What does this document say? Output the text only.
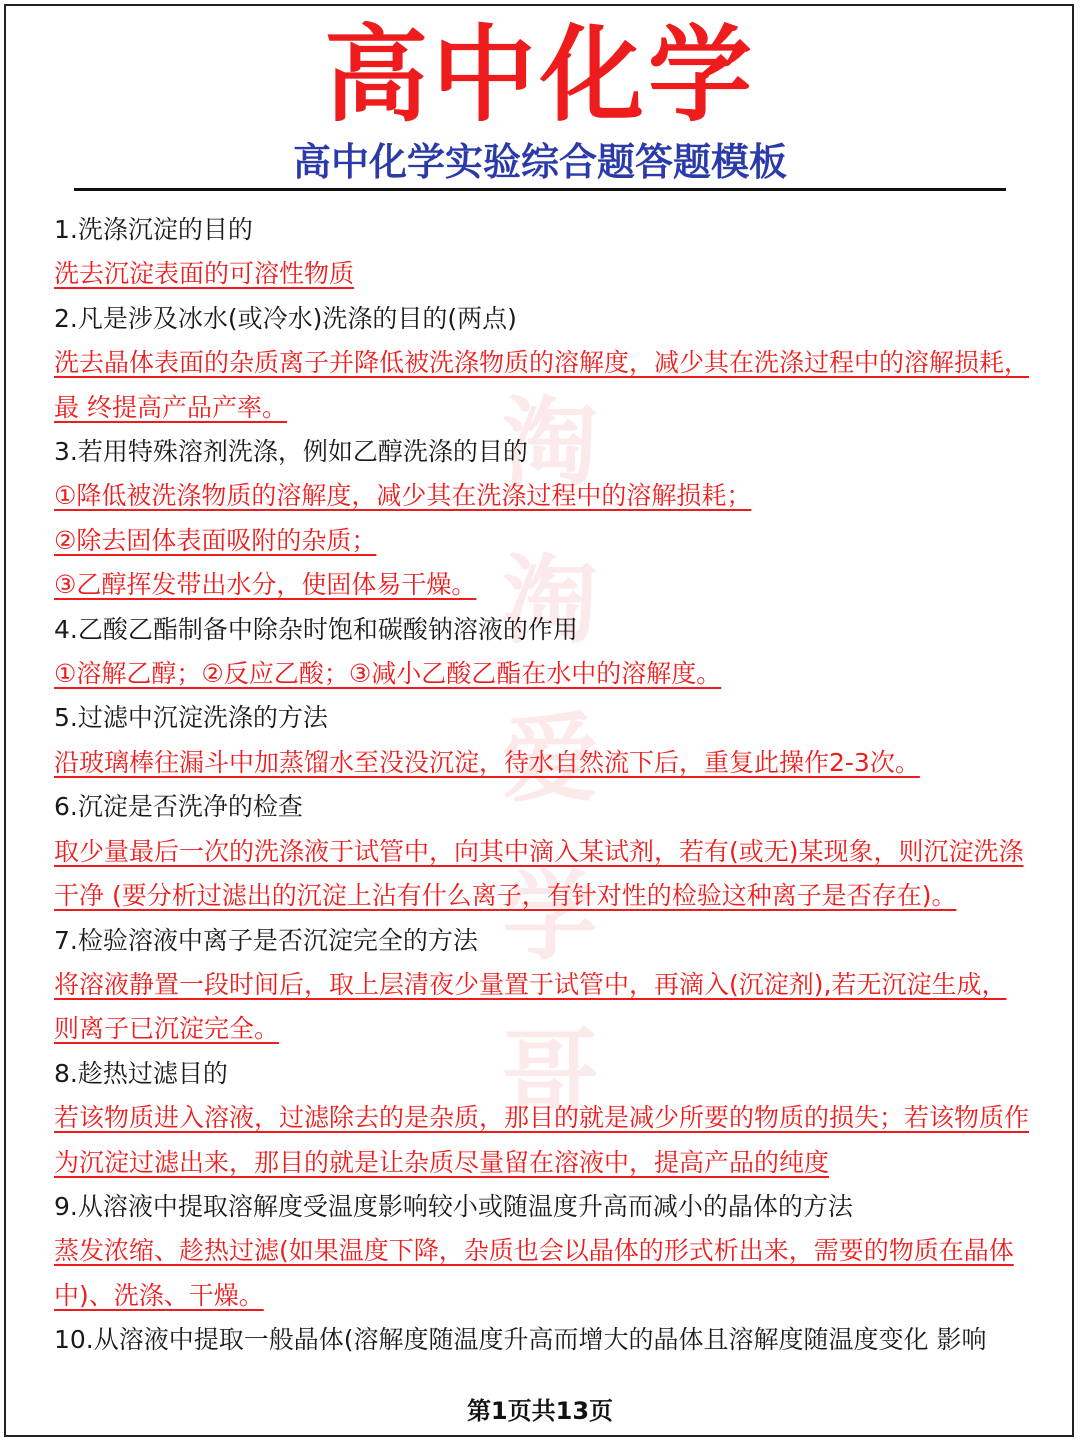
高中化学
高中化学实验综合题答题模板
1.洗涤沉淀的目的
洗去沉淀表面的可溶性物质
2.凡是涉及冰水(或冷水)洗涤的目的(两点)
洗去晶体表面的杂质离子并降低被洗涤物质的溶解度，减少其在洗涤过程中的溶解损耗，最 终提高产品产率。
3.若用特殊溶剂洗涤，例如乙醇洗涤的目的
①降低被洗涤物质的溶解度，减少其在洗涤过程中的溶解损耗；
②除去固体表面吸附的杂质；
③乙醇挥发带出水分，使固体易干燥。
4.乙酸乙酯制备中除杂时饱和碳酸钠溶液的作用
①溶解乙醇；②反应乙酸；③减小乙酸乙酯在水中的溶解度。
5.过滤中沉淀洗涤的方法
沿玻璃棒往漏斗中加蒸馏水至没没沉淀，待水自然流下后，重复此操作2-3次。
6.沉淀是否洗净的检查
取少量最后一次的洗涤液于试管中，向其中滴入某试剂，若有(或无)某现象，则沉淀洗涤干净 (要分析过滤出的沉淀上沾有什么离子，有针对性的检验这种离子是否存在)。
7.检验溶液中离子是否沉淀完全的方法
将溶液静置一段时间后，取上层清夜少量置于试管中，再滴入(沉淀剂),若无沉淀生成，则离子已沉淀完全。
8.趁热过滤目的
若该物质进入溶液，过滤除去的是杂质，那目的就是减少所要的物质的损失；若该物质作为沉淀过滤出来，那目的就是让杂质尽量留在溶液中，提高产品的纯度
9.从溶液中提取溶解度受温度影响较小或随温度升高而减小的晶体的方法
蒸发浓缩、趁热过滤(如果温度下降，杂质也会以晶体的形式析出来，需要的物质在晶体中)、洗涤、干燥。
10.从溶液中提取一般晶体(溶解度随温度升高而增大的晶体且溶解度随温度变化 影响
第1页共13页
